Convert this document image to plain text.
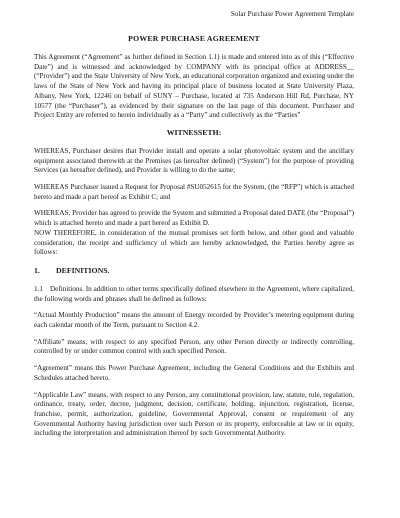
Solar Purchase Power Agreement Template
POWER PURCHASE AGREEMENT

This Agreement (“Agreement” as further defined in Section 1.1) is made and entered into as of this (“Effective Date”) and is witnessed and acknowledged by COMPANY with its principal office at ADDRESS__ (“Provider”) and the State University of New York, an educational corporation organized and existing under the laws of the State of New York and having its principal place of business located at State University Plaza, Albany, New York, 12246 on behalf of SUNY – Purchase, located at 735 Anderson Hill Rd, Purchase, NY 10577 (the “Purchaser”), as evidenced by their signature on the last page of this document. Purchaser and Project Entity are referred to herein individually as a “Party” and collectively as the “Parties”

WITNESSETH:

WHEREAS, Purchaser desires that Provider install and operate a solar photovoltaic system and the ancillary equipment associated therewith at the Premises (as hereafter defined) (“System”) for the purpose of providing Services (as hereafter defined), and Provider is willing to do the same;

WHEREAS Purchaser issued a Request for Proposal #SU052615 for the System, (the “RFP”) which is attached hereto and made a part hereof as Exhibit C; and

WHEREAS, Provider has agreed to provide the System and submitted a Proposal dated DATE (the “Proposal”) which is attached hereto and made a part hereof as Exhibit D.

NOW THEREFORE, in consideration of the mutual promises set forth below, and other good and valuable consideration, the receipt and sufficiency of which are hereby acknowledged, the Parties hereby agree as follows:

1. DEFINITIONS.

1.1 Definitions. In addition to other terms specifically defined elsewhere in the Agreement, where capitalized, the following words and phrases shall be defined as follows:

“Actual Monthly Production” means the amount of Energy recorded by Provider’s metering equipment during each calendar month of the Term, pursuant to Section 4.2.

“Affiliate” means, with respect to any specified Person, any other Person directly or indirectly controlling, controlled by or under common control with such specified Person.

“Agreement” means this Power Purchase Agreement, including the General Conditions and the Exhibits and Schedules attached hereto.

“Applicable Law” means, with respect to any Person, any constitutional provision, law, statute, rule, regulation, ordinance, treaty, order, decree, judgment, decision, certificate, holding, injunction, registration, license, franchise, permit, authorization, guideline, Governmental Approval, consent or requirement of any Governmental Authority having jurisdiction over such Person or its property, enforceable at law or in equity, including the interpretation and administration thereof by such Governmental Authority.
